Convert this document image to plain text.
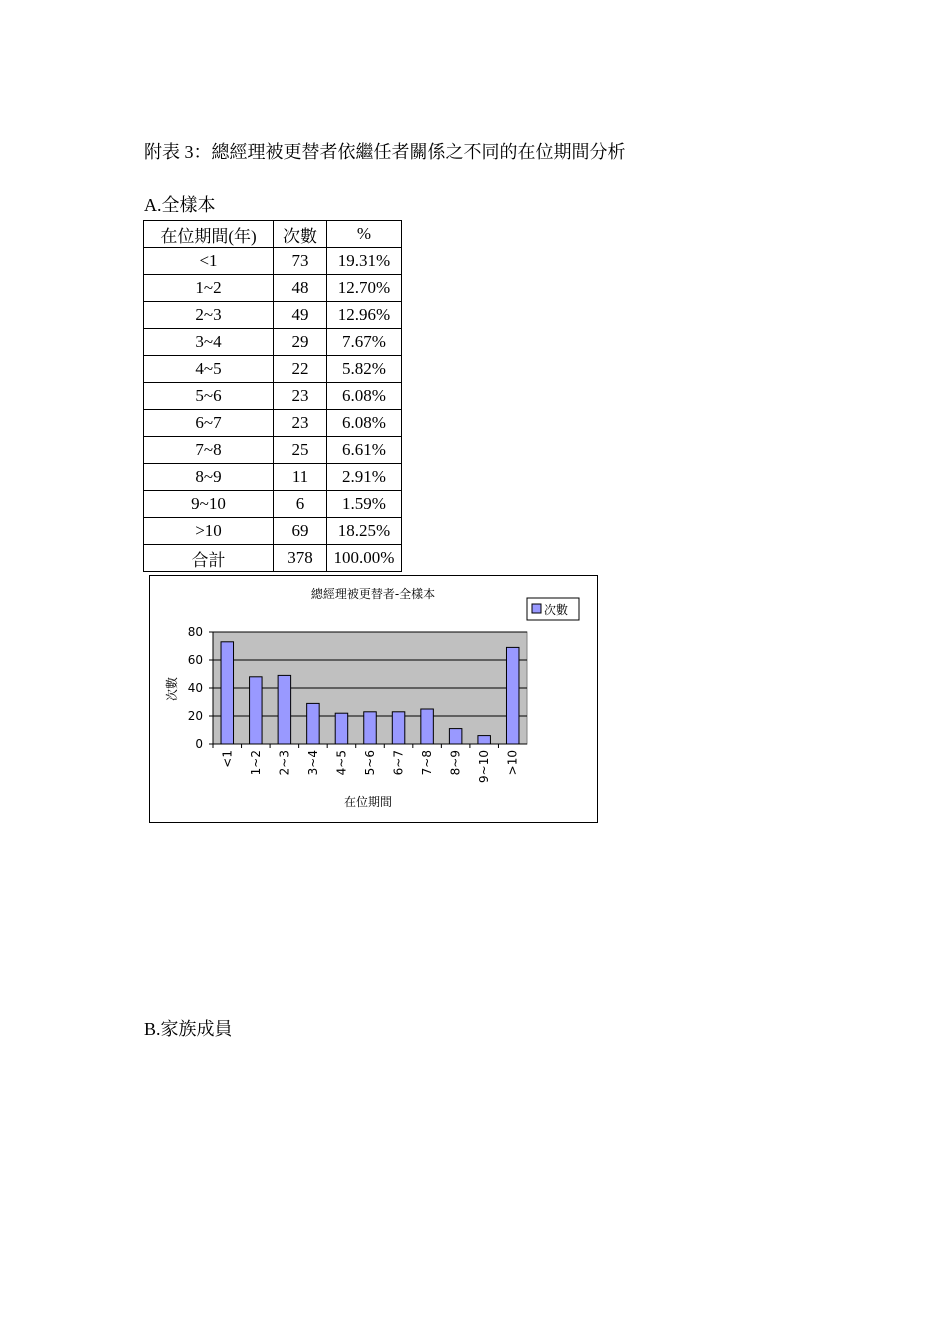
附表 3：總經理被更替者依繼任者關係之不同的在位期間分析
A.全樣本
在位期間(年)	次數	%
<1	73	19.31%
1~2	48	12.70%
2~3	49	12.96%
3~4	29	7.67%
4~5	22	5.82%
5~6	23	6.08%
6~7	23	6.08%
7~8	25	6.61%
8~9	11	2.91%
9~10	6	1.59%
>10	69	18.25%
合計	378	100.00%
總經理被更替者-全樣本
在位期間
次數
次數
0
20
40
60
80
<1 1~2 2~3 3~4 4~5 5~6 6~7 7~8 8~9 9~10 >10
B.家族成員
